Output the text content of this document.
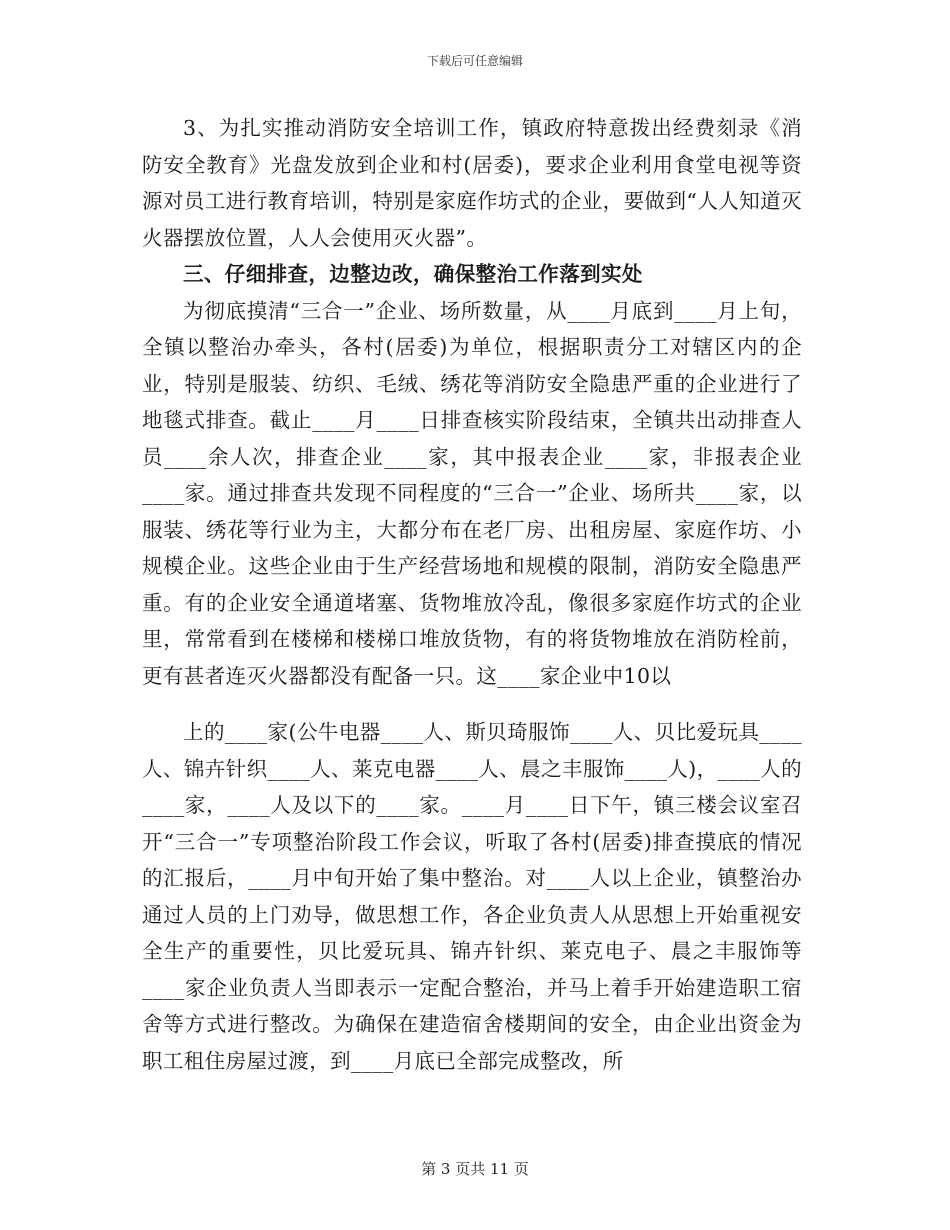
下载后可任意编辑

3、为扎实推动消防安全培训工作，镇政府特意拨出经费刻录《消防安全教育》光盘发放到企业和村(居委)，要求企业利用食堂电视等资源对员工进行教育培训，特别是家庭作坊式的企业，要做到“人人知道灭火器摆放位置，人人会使用灭火器”。

三、仔细排查，边整边改，确保整治工作落到实处

为彻底摸清“三合一”企业、场所数量，从____月底到____月上旬，全镇以整治办牵头，各村(居委)为单位，根据职责分工对辖区内的企业，特别是服装、纺织、毛绒、绣花等消防安全隐患严重的企业进行了地毯式排查。截止____月____日排查核实阶段结束，全镇共出动排查人员____余人次，排查企业____家，其中报表企业____家，非报表企业____家。通过排查共发现不同程度的“三合一”企业、场所共____家，以服装、绣花等行业为主，大都分布在老厂房、出租房屋、家庭作坊、小规模企业。这些企业由于生产经营场地和规模的限制，消防安全隐患严重。有的企业安全通道堵塞、货物堆放冷乱，像很多家庭作坊式的企业里，常常看到在楼梯和楼梯口堆放货物，有的将货物堆放在消防栓前，更有甚者连灭火器都没有配备一只。这____家企业中10以

上的____家(公牛电器____人、斯贝琦服饰____人、贝比爱玩具____人、锦卉针织____人、莱克电器____人、晨之丰服饰____人)，____人的____家，____人及以下的____家。____月____日下午，镇三楼会议室召开“三合一”专项整治阶段工作会议，听取了各村(居委)排查摸底的情况的汇报后，____月中旬开始了集中整治。对____人以上企业，镇整治办通过人员的上门劝导，做思想工作，各企业负责人从思想上开始重视安全生产的重要性，贝比爱玩具、锦卉针织、莱克电子、晨之丰服饰等____家企业负责人当即表示一定配合整治，并马上着手开始建造职工宿舍等方式进行整改。为确保在建造宿舍楼期间的安全，由企业出资金为职工租住房屋过渡，到____月底已全部完成整改，所

第 3 页共 11 页
